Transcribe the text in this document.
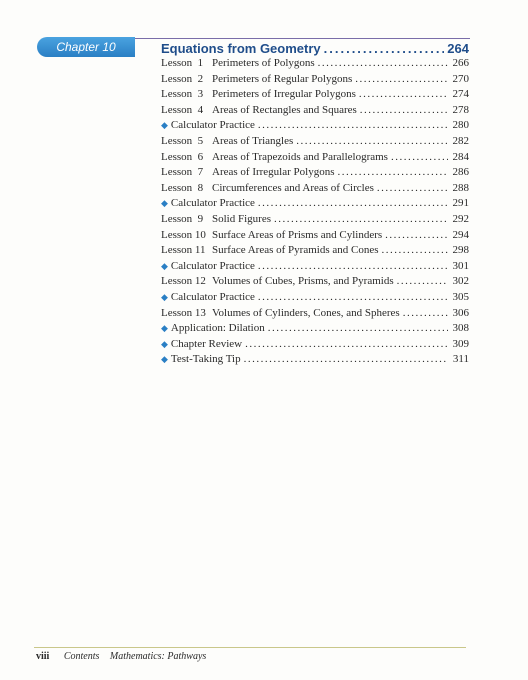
Chapter 10	Equations from Geometry .....	264
Lesson 1 Perimeters of Polygons .....	266
Lesson 2 Perimeters of Regular Polygons .....	270
Lesson 3 Perimeters of Irregular Polygons .....	274
Lesson 4 Areas of Rectangles and Squares .....	278
◆ Calculator Practice .....	280
Lesson 5 Areas of Triangles .....	282
Lesson 6 Areas of Trapezoids and Parallelograms .....	284
Lesson 7 Areas of Irregular Polygons .....	286
Lesson 8 Circumferences and Areas of Circles .....	288
◆ Calculator Practice .....	291
Lesson 9 Solid Figures .....	292
Lesson 10 Surface Areas of Prisms and Cylinders .....	294
Lesson 11 Surface Areas of Pyramids and Cones .....	298
◆ Calculator Practice .....	301
Lesson 12 Volumes of Cubes, Prisms, and Pyramids .....	302
◆ Calculator Practice .....	305
Lesson 13 Volumes of Cylinders, Cones, and Spheres .....	306
◆ Application: Dilation .....	308
◆ Chapter Review .....	309
◆ Test-Taking Tip .....	311
viii Contents Mathematics: Pathways
